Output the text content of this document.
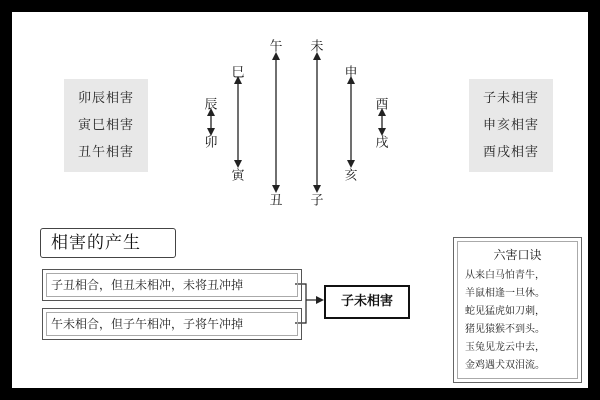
卯辰相害
寅巳相害
丑午相害
子未相害
申亥相害
酉戌相害
午 未
巳	申
辰	酉
卯	戌
寅	亥
丑 子
相害的产生
子丑相合，但丑未相冲，未将丑冲掉
午未相合，但子午相冲，子将午冲掉
子未相害
六害口诀
从来白马怕青牛，
羊鼠相逢一旦休。
蛇见猛虎如刀刺，
猪见猿猴不到头。
玉兔见龙云中去，
金鸡遇犬双泪流。
